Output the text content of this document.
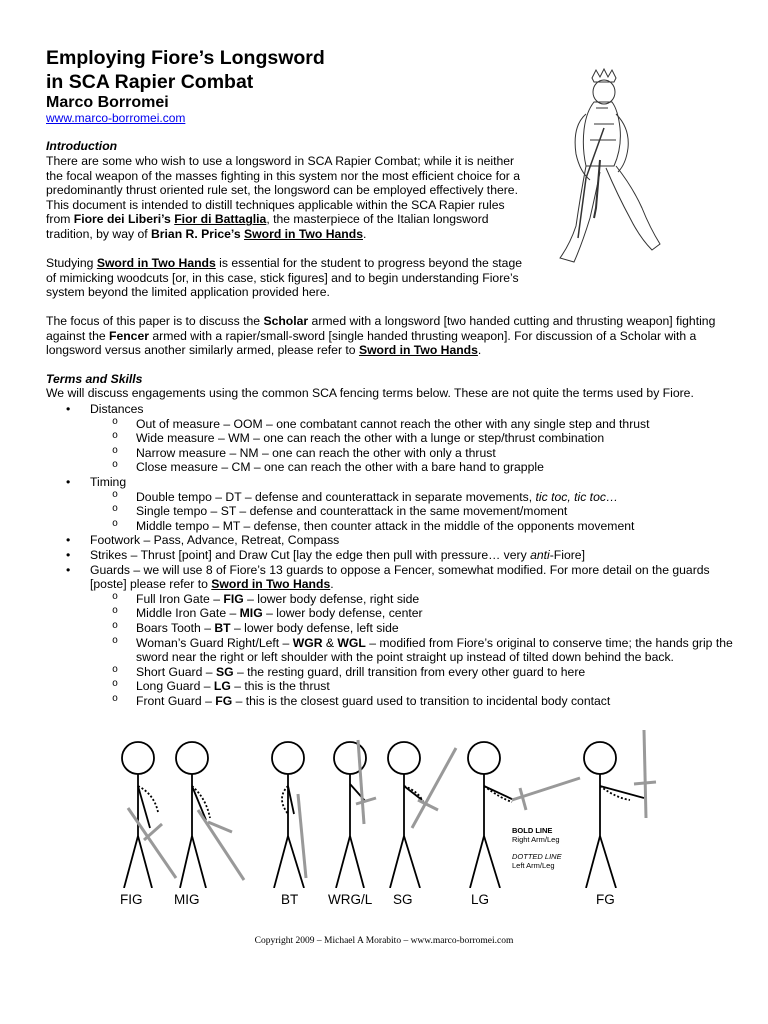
Employing Fiore’s Longsword
in SCA Rapier Combat
Marco Borromei
www.marco-borromei.com
Introduction
There are some who wish to use a longsword in SCA Rapier Combat; while it is neither the focal weapon of the masses fighting in this system nor the most efficient choice for a predominantly thrust oriented rule set, the longsword can be employed effectively there. This document is intended to distill techniques applicable within the SCA Rapier rules from Fiore dei Liberi’s Fior di Battaglia, the masterpiece of the Italian longsword tradition, by way of Brian R. Price’s Sword in Two Hands.
Studying Sword in Two Hands is essential for the student to progress beyond the stage of mimicking woodcuts [or, in this case, stick figures] and to begin understanding Fiore’s system beyond the limited application provided here.
The focus of this paper is to discuss the Scholar armed with a longsword [two handed cutting and thrusting weapon] fighting against the Fencer armed with a rapier/small-sword [single handed thrusting weapon]. For discussion of a Scholar with a longsword versus another similarly armed, please refer to Sword in Two Hands.
Terms and Skills
We will discuss engagements using the common SCA fencing terms below. These are not quite the terms used by Fiore.
• Distances
o Out of measure – OOM – one combatant cannot reach the other with any single step and thrust
o Wide measure – WM – one can reach the other with a lunge or step/thrust combination
o Narrow measure – NM – one can reach the other with only a thrust
o Close measure – CM – one can reach the other with a bare hand to grapple
• Timing
o Double tempo – DT – defense and counterattack in separate movements, tic toc, tic toc…
o Single tempo – ST – defense and counterattack in the same movement/moment
o Middle tempo – MT – defense, then counter attack in the middle of the opponents movement
• Footwork – Pass, Advance, Retreat, Compass
• Strikes – Thrust [point] and Draw Cut [lay the edge then pull with pressure… very anti-Fiore]
• Guards – we will use 8 of Fiore’s 13 guards to oppose a Fencer, somewhat modified. For more detail on the guards [poste] please refer to Sword in Two Hands.
o Full Iron Gate – FIG – lower body defense, right side
o Middle Iron Gate – MIG – lower body defense, center
o Boars Tooth – BT – lower body defense, left side
o Woman’s Guard Right/Left – WGR & WGL – modified from Fiore’s original to conserve time; the hands grip the sword near the right or left shoulder with the point straight up instead of tilted down behind the back.
o Short Guard – SG – the resting guard, drill transition from every other guard to here
o Long Guard – LG – this is the thrust
o Front Guard – FG – this is the closest guard used to transition to incidental body contact
BOLD LINE
Right Arm/Leg
DOTTED LINE
Left Arm/Leg
FIG MIG	BT WRG/L SG	LG	FG
Copyright 2009 – Michael A Morabito – www.marco-borromei.com
